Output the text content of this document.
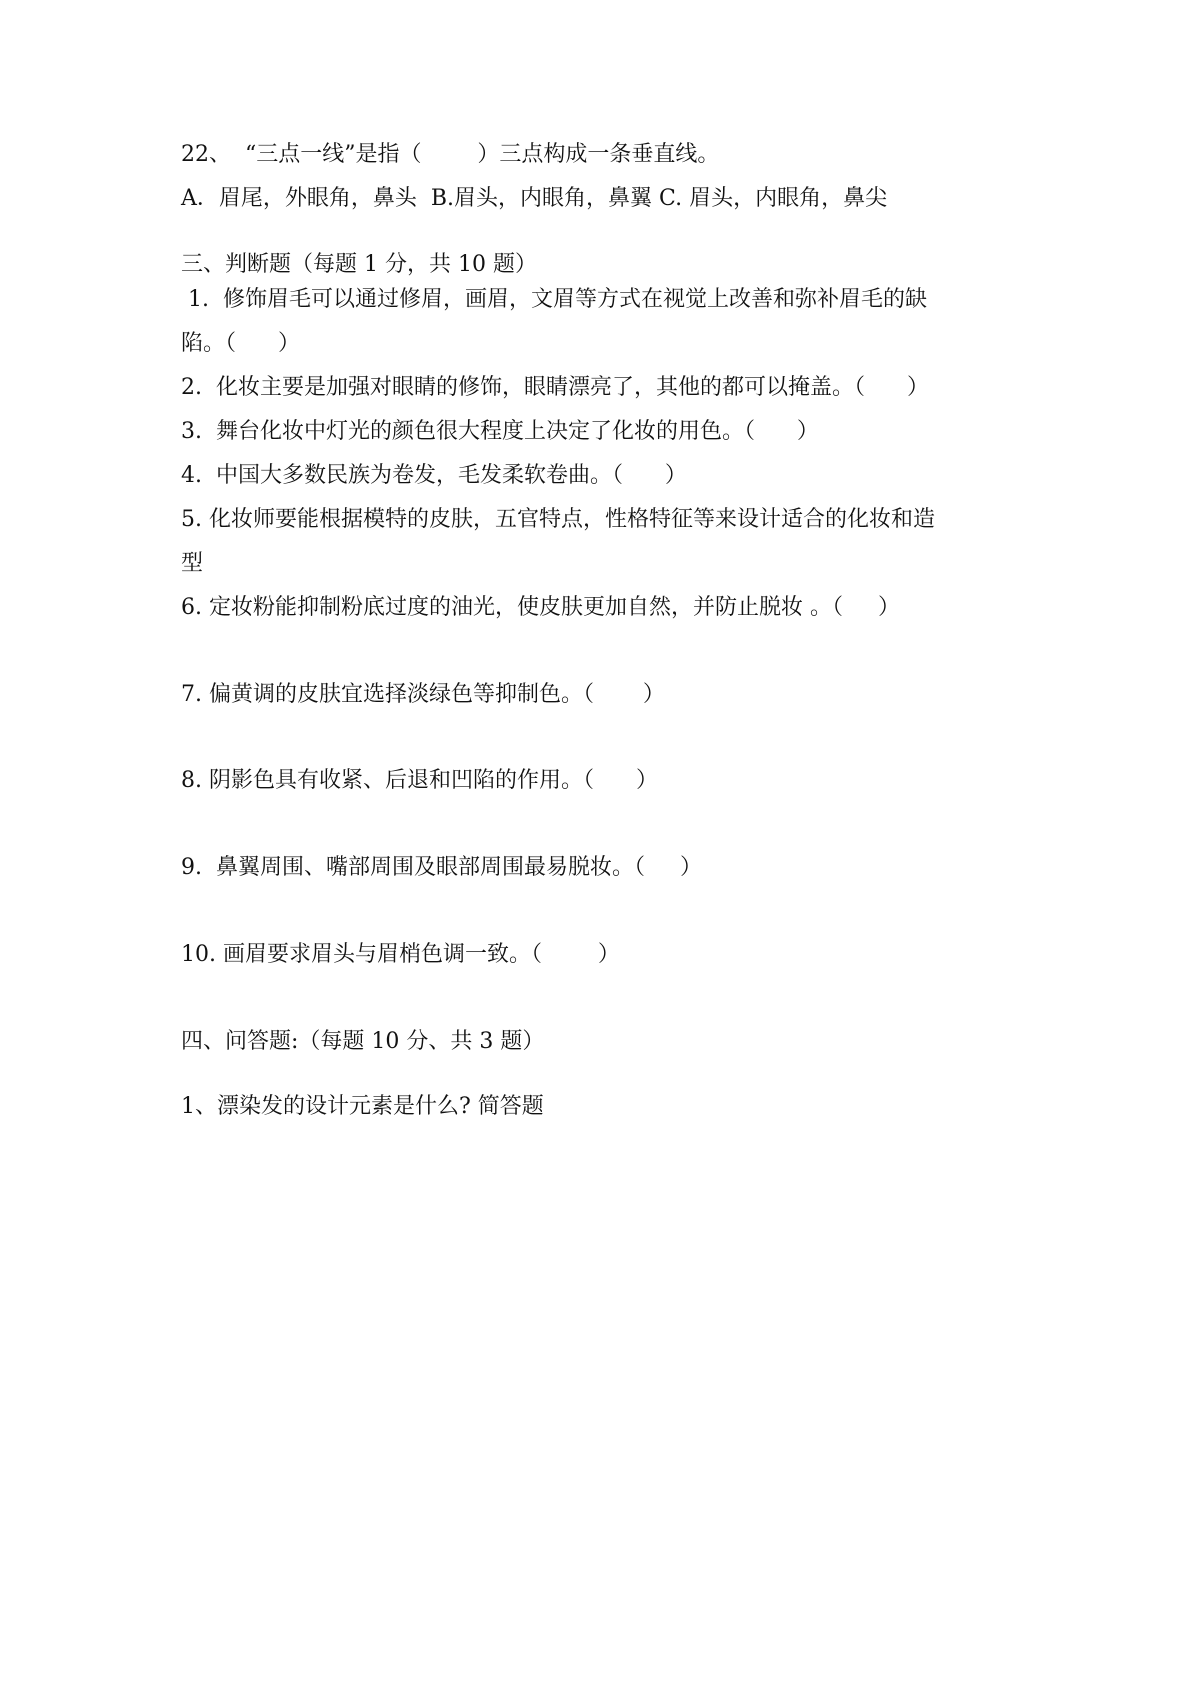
22、  “三点一线”是指（        ）三点构成一条垂直线。
A．眉尾，外眼角，鼻头  B.眉头，内眼角，鼻翼 C. 眉头，内眼角，鼻尖
三、判断题（每题 1 分，共 10 题）
1.  修饰眉毛可以通过修眉，画眉，文眉等方式在视觉上改善和弥补眉毛的缺
陷。（      ）
2.  化妆主要是加强对眼睛的修饰，眼睛漂亮了，其他的都可以掩盖。（      ）
3.  舞台化妆中灯光的颜色很大程度上决定了化妆的用色。（      ）
4.  中国大多数民族为卷发，毛发柔软卷曲。（      ）
5. 化妆师要能根据模特的皮肤，五官特点，性格特征等来设计适合的化妆和造
型
6. 定妆粉能抑制粉底过度的油光，使皮肤更加自然，并防止脱妆 。（     ）
7. 偏黄调的皮肤宜选择淡绿色等抑制色。（       ）
8. 阴影色具有收紧、后退和凹陷的作用。（      ）
9.  鼻翼周围、嘴部周围及眼部周围最易脱妆。（     ）
10. 画眉要求眉头与眉梢色调一致。（        ）
四、问答题:（每题 10 分、共 3 题）
1、漂染发的设计元素是什么? 简答题
